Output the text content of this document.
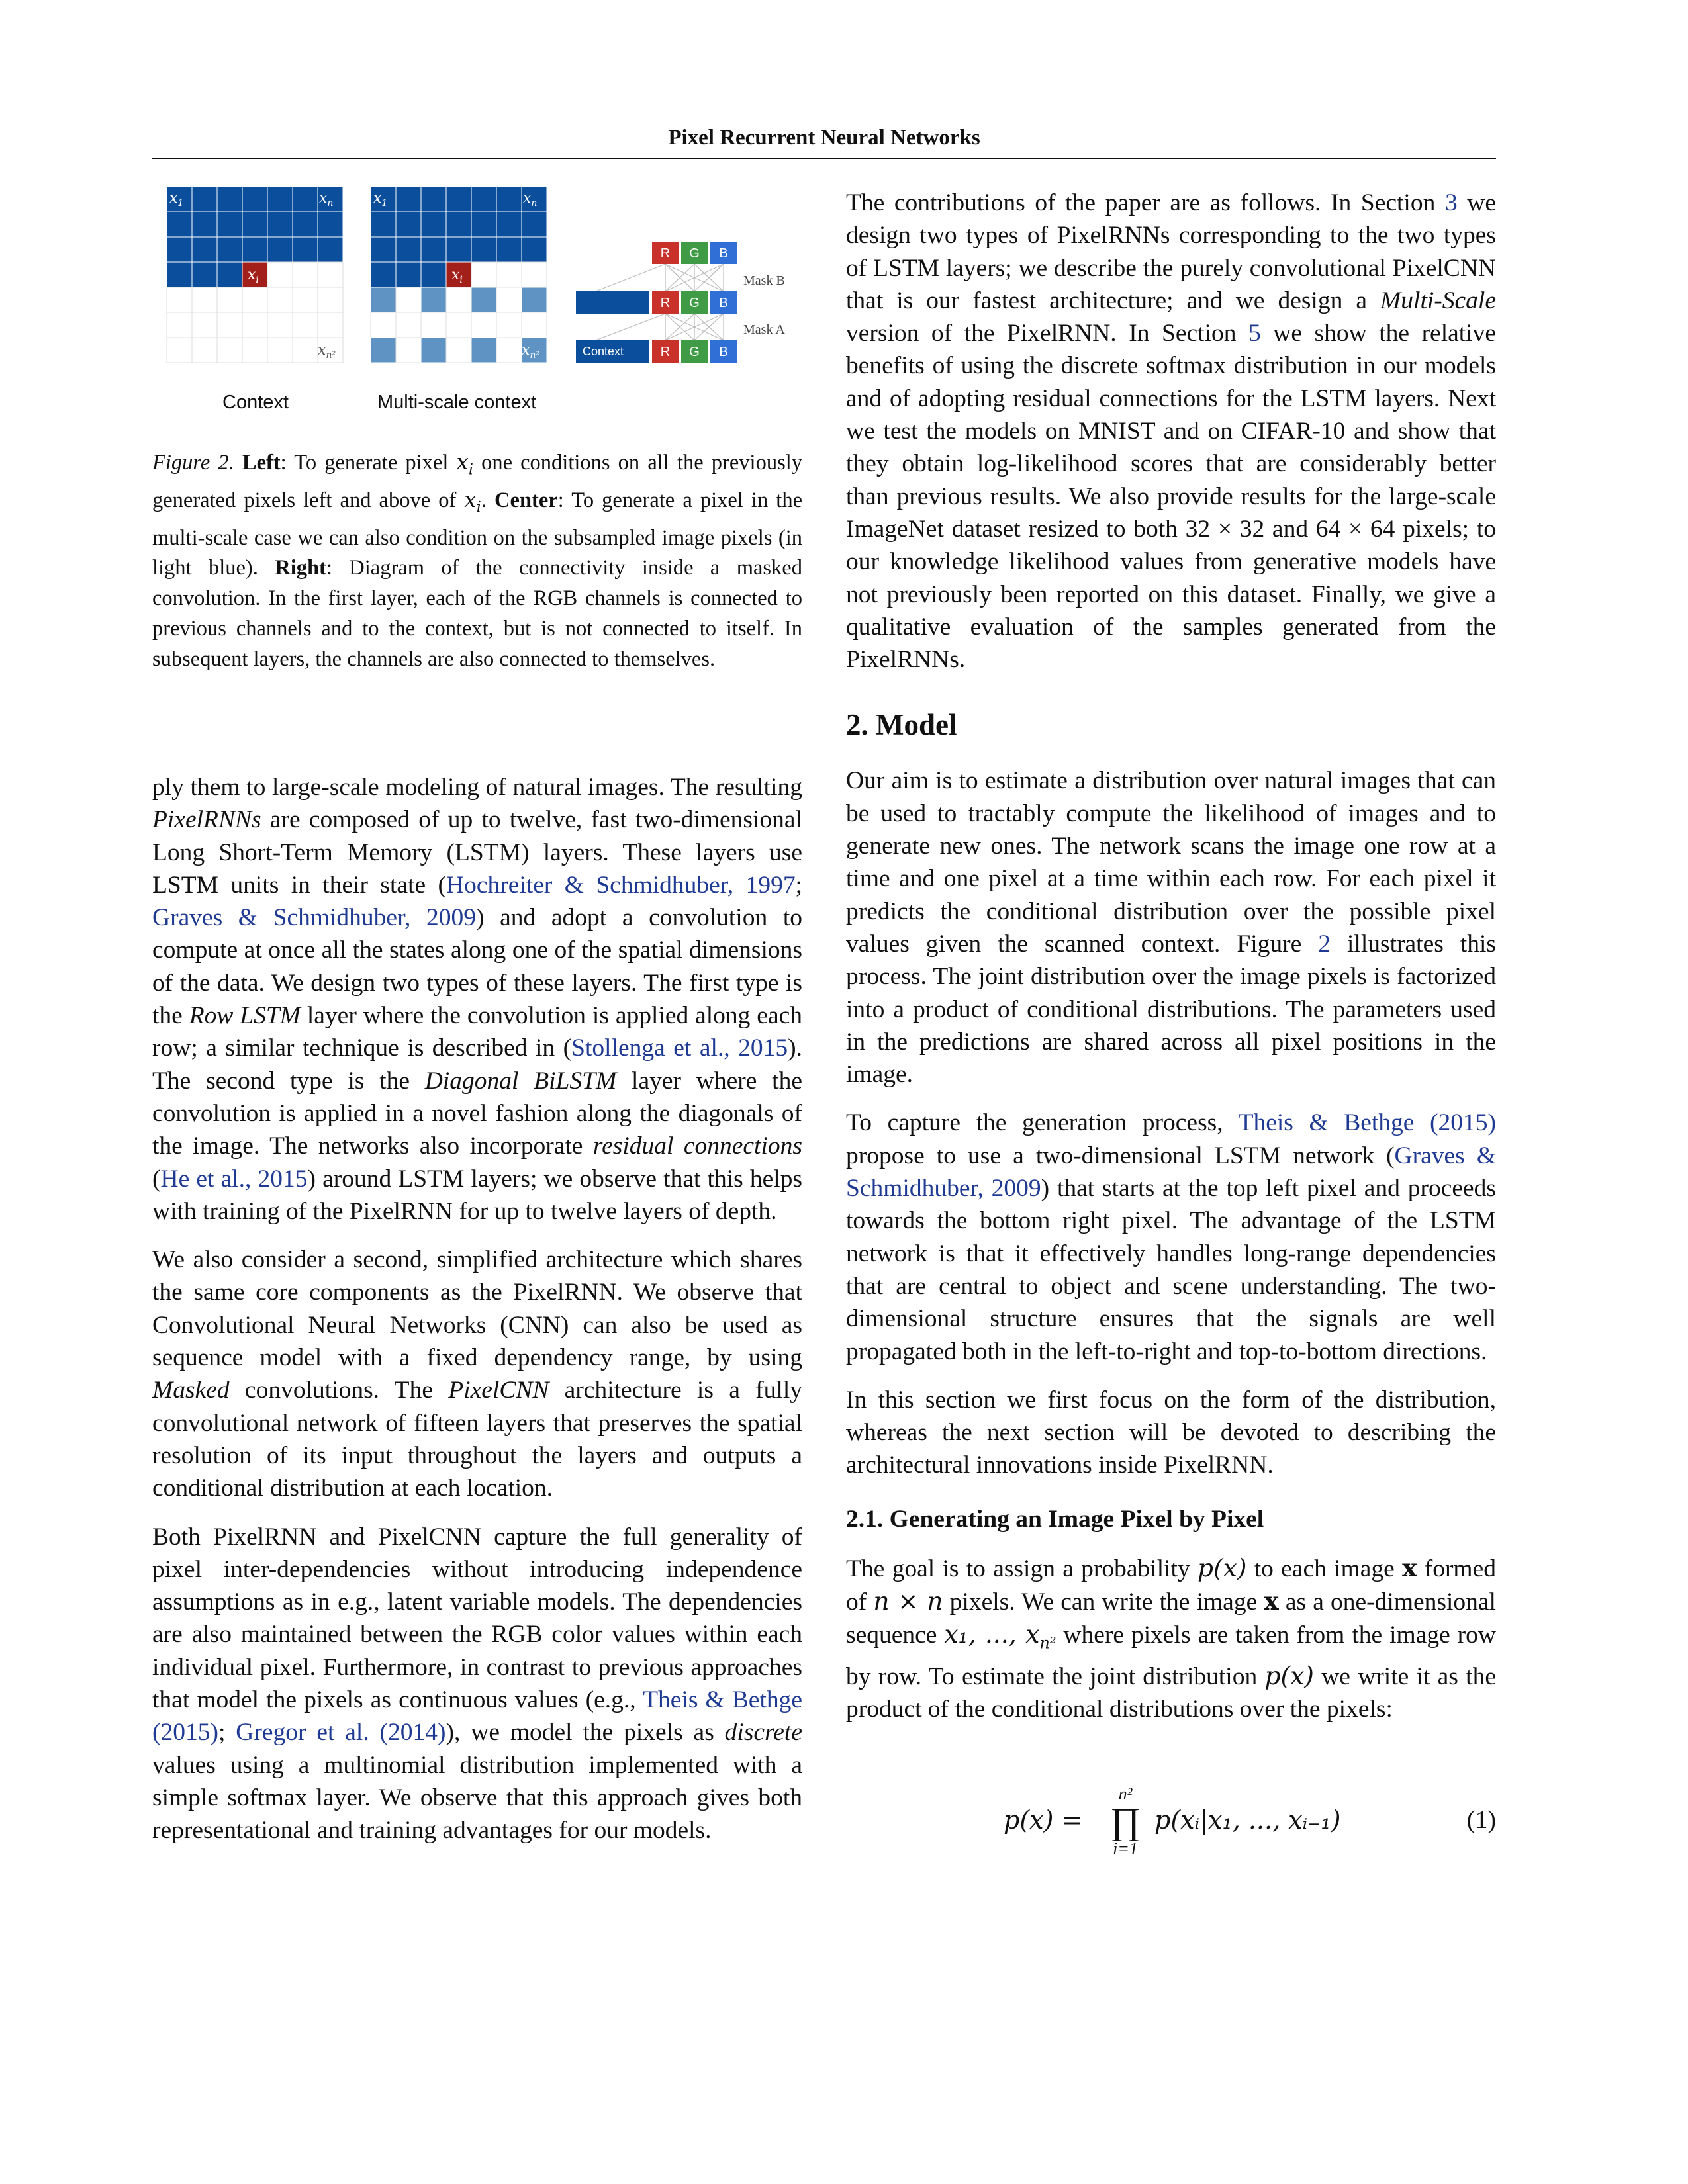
Pixel Recurrent Neural Networks
$x_1$	$x_n$
$x_i$
$x_{n^2}$
$x_1$	$x_n$
$x_i$
$x_{n^2}$	Context
R G B
R G B
R G B
Mask B
Mask A
Context	Multi-scale context

Figure 2. Left: To generate pixel $x_i$ one conditions on all the previously generated pixels left and above of $x_i$. Center: To generate a pixel in the multi-scale case we can also condition on the subsampled image pixels (in light blue). Right: Diagram of the connectivity inside a masked convolution. In the first layer, each of the RGB channels is connected to previous channels and to the context, but is not connected to itself. In subsequent layers, the channels are also connected to themselves.

ply them to large-scale modeling of natural images. The resulting PixelRNNs are composed of up to twelve, fast two-dimensional Long Short-Term Memory (LSTM) layers. These layers use LSTM units in their state (Hochreiter & Schmidhuber, 1997; Graves & Schmidhuber, 2009) and adopt a convolution to compute at once all the states along one of the spatial dimensions of the data. We design two types of these layers. The first type is the Row LSTM layer where the convolution is applied along each row; a similar technique is described in (Stollenga et al., 2015). The second type is the Diagonal BiLSTM layer where the convolution is applied in a novel fashion along the diagonals of the image. The networks also incorporate residual connections (He et al., 2015) around LSTM layers; we observe that this helps with training of the PixelRNN for up to twelve layers of depth.

We also consider a second, simplified architecture which shares the same core components as the PixelRNN. We observe that Convolutional Neural Networks (CNN) can also be used as sequence model with a fixed dependency range, by using Masked convolutions. The PixelCNN architecture is a fully convolutional network of fifteen layers that preserves the spatial resolution of its input throughout the layers and outputs a conditional distribution at each location.

Both PixelRNN and PixelCNN capture the full generality of pixel inter-dependencies without introducing independence assumptions as in e.g., latent variable models. The dependencies are also maintained between the RGB color values within each individual pixel. Furthermore, in contrast to previous approaches that model the pixels as continuous values (e.g., Theis & Bethge (2015); Gregor et al. (2014)), we model the pixels as discrete values using a multinomial distribution implemented with a simple softmax layer. We observe that this approach gives both representational and training advantages for our models.

The contributions of the paper are as follows. In Section 3 we design two types of PixelRNNs corresponding to the two types of LSTM layers; we describe the purely convolutional PixelCNN that is our fastest architecture; and we design a Multi-Scale version of the PixelRNN. In Section 5 we show the relative benefits of using the discrete softmax distribution in our models and of adopting residual connections for the LSTM layers. Next we test the models on MNIST and on CIFAR-10 and show that they obtain log-likelihood scores that are considerably better than previous results. We also provide results for the large-scale ImageNet dataset resized to both 32 × 32 and 64 × 64 pixels; to our knowledge likelihood values from generative models have not previously been reported on this dataset. Finally, we give a qualitative evaluation of the samples generated from the PixelRNNs.

2. Model

Our aim is to estimate a distribution over natural images that can be used to tractably compute the likelihood of images and to generate new ones. The network scans the image one row at a time and one pixel at a time within each row. For each pixel it predicts the conditional distribution over the possible pixel values given the scanned context. Figure 2 illustrates this process. The joint distribution over the image pixels is factorized into a product of conditional distributions. The parameters used in the predictions are shared across all pixel positions in the image.

To capture the generation process, Theis & Bethge (2015) propose to use a two-dimensional LSTM network (Graves & Schmidhuber, 2009) that starts at the top left pixel and proceeds towards the bottom right pixel. The advantage of the LSTM network is that it effectively handles long-range dependencies that are central to object and scene understanding. The two-dimensional structure ensures that the signals are well propagated both in the left-to-right and top-to-bottom directions.

In this section we first focus on the form of the distribution, whereas the next section will be devoted to describing the architectural innovations inside PixelRNN.

2.1. Generating an Image Pixel by Pixel

The goal is to assign a probability p(x) to each image x formed of n × n pixels. We can write the image x as a one-dimensional sequence x₁, ..., $x_{n^2}$ where pixels are taken from the image row by row. To estimate the joint distribution p(x) we write it as the product of the conditional distributions over the pixels:

p(x) =
n²
∏
i=1
p(xᵢ|x₁, ..., xᵢ₋₁)	(1)
